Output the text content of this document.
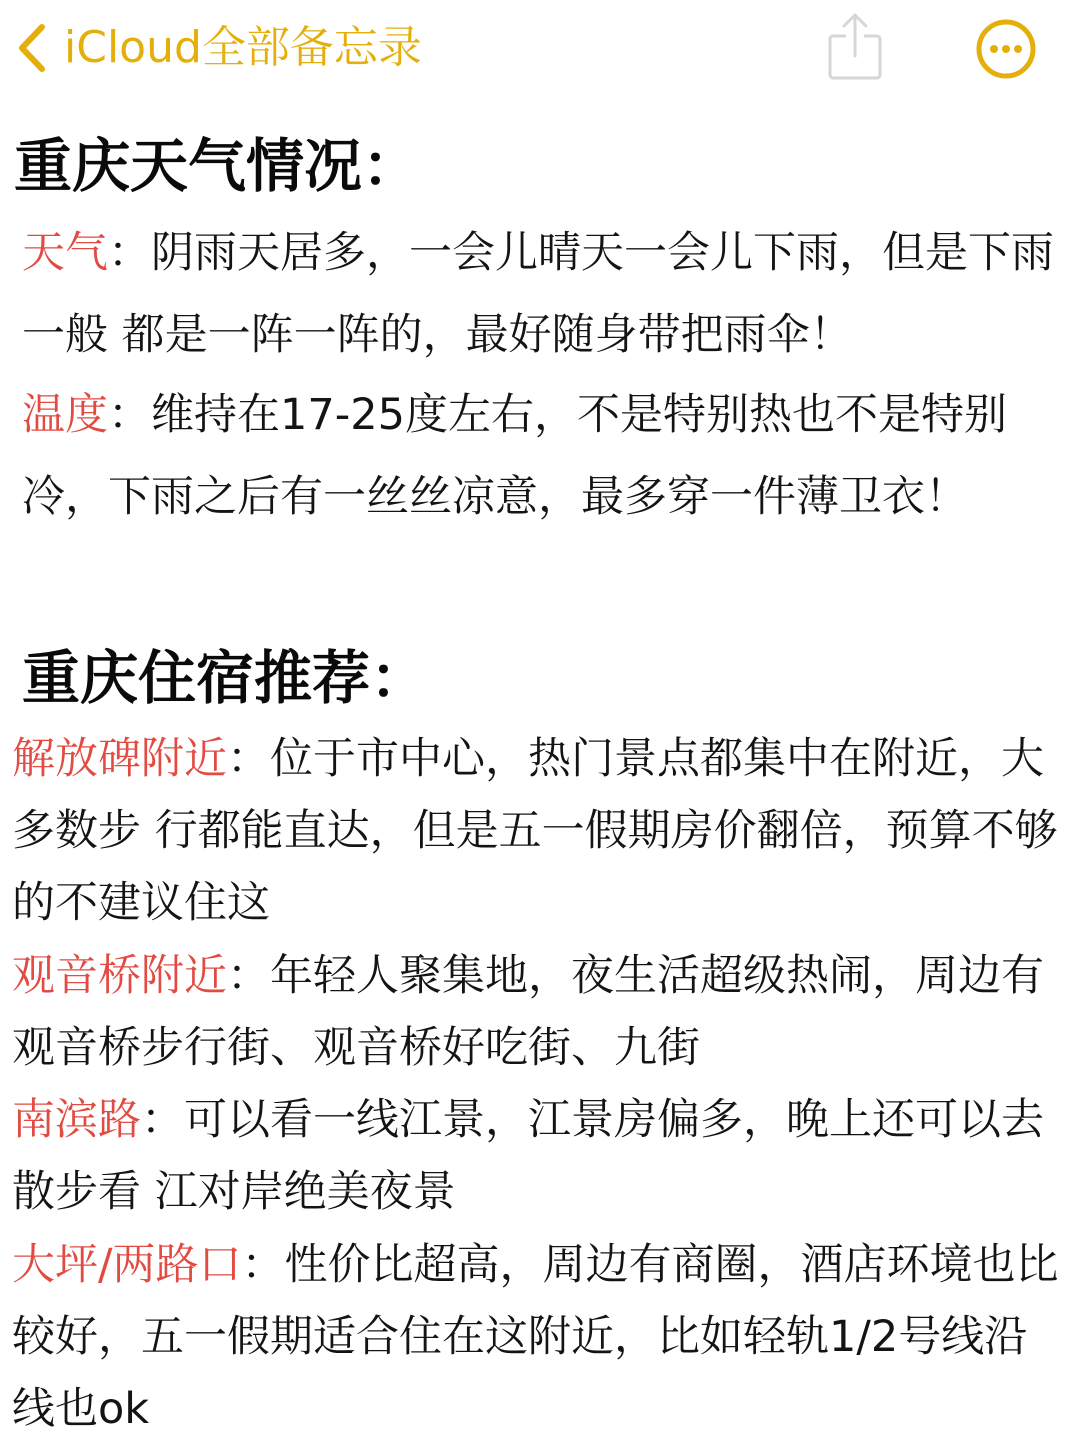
iCloud全部备忘录
重庆天气情况：

天气：阴雨天居多，一会儿晴天一会儿下雨，但是下雨一般 都是一阵一阵的，最好随身带把雨伞！

温度：维持在17-25度左右，不是特别热也不是特别冷，下雨之后有一丝丝凉意，最多穿一件薄卫衣！

重庆住宿推荐：

解放碑附近：位于市中心，热门景点都集中在附近，大多数步 行都能直达，但是五一假期房价翻倍，预算不够的不建议住这

观音桥附近：年轻人聚集地，夜生活超级热闹，周边有观音桥步行街、观音桥好吃街、九街

南滨路：可以看一线江景，江景房偏多，晚上还可以去散步看 江对岸绝美夜景

大坪/两路口：性价比超高，周边有商圈，酒店环境也比较好，五一假期适合住在这附近，比如轻轨1/2号线沿线也ok
